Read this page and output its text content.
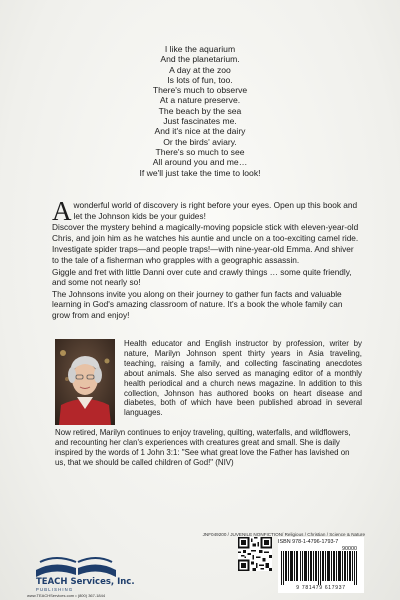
I like the aquarium
And the planetarium.
A day at the zoo
Is lots of fun, too.
There's much to observe
At a nature preserve.
The beach by the sea
Just fascinates me.
And it's nice at the dairy
Or the birds' aviary.
There's so much to see
All around you and me…
If we'll just take the time to look!

Awonderful world of discovery is right before your eyes. Open up this book and let the Johnson kids be your guides!

Discover the mystery behind a magically-moving popsicle stick with eleven-year-old Chris, and join him as he watches his auntie and uncle on a too-exciting camel ride.

Investigate spider traps—and people traps!—with nine-year-old Emma. And shiver to the tale of a fisherman who grapples with a geographic assassin.

Giggle and fret with little Danni over cute and crawly things … some quite friendly, and some not nearly so!

The Johnsons invite you along on their journey to gather fun facts and valuable learning in God's amazing classroom of nature. It's a book the whole family can grow from and enjoy!

Health educator and English instructor by profession, writer by nature, Marilyn Johnson spent thirty years in Asia traveling, teaching, raising a family, and collecting fascinating anecdotes about animals. She also served as managing editor of a monthly health periodical and a church news magazine. In addition to this collection, Johnson has authored books on heart disease and diabetes, both of which have been published abroad in several languages.
Now retired, Marilyn continues to enjoy traveling, quilting, waterfalls, and wildflowers, and recounting her clan's experiences with creatures great and small. She is daily inspired by the words of 1 John 3:1: "See what great love the Father has lavished on us, that we should be called children of God!" (NIV)
JNF049200 / JUVENILE NONFICTION/ Religious / Christian / Science & Nature
TEACH Services, Inc.
PUBLISHING
www.TEACHServices.com • (800) 367-1844
ISBN 978-1-4796-1793-7
90000
9 781479 617937
